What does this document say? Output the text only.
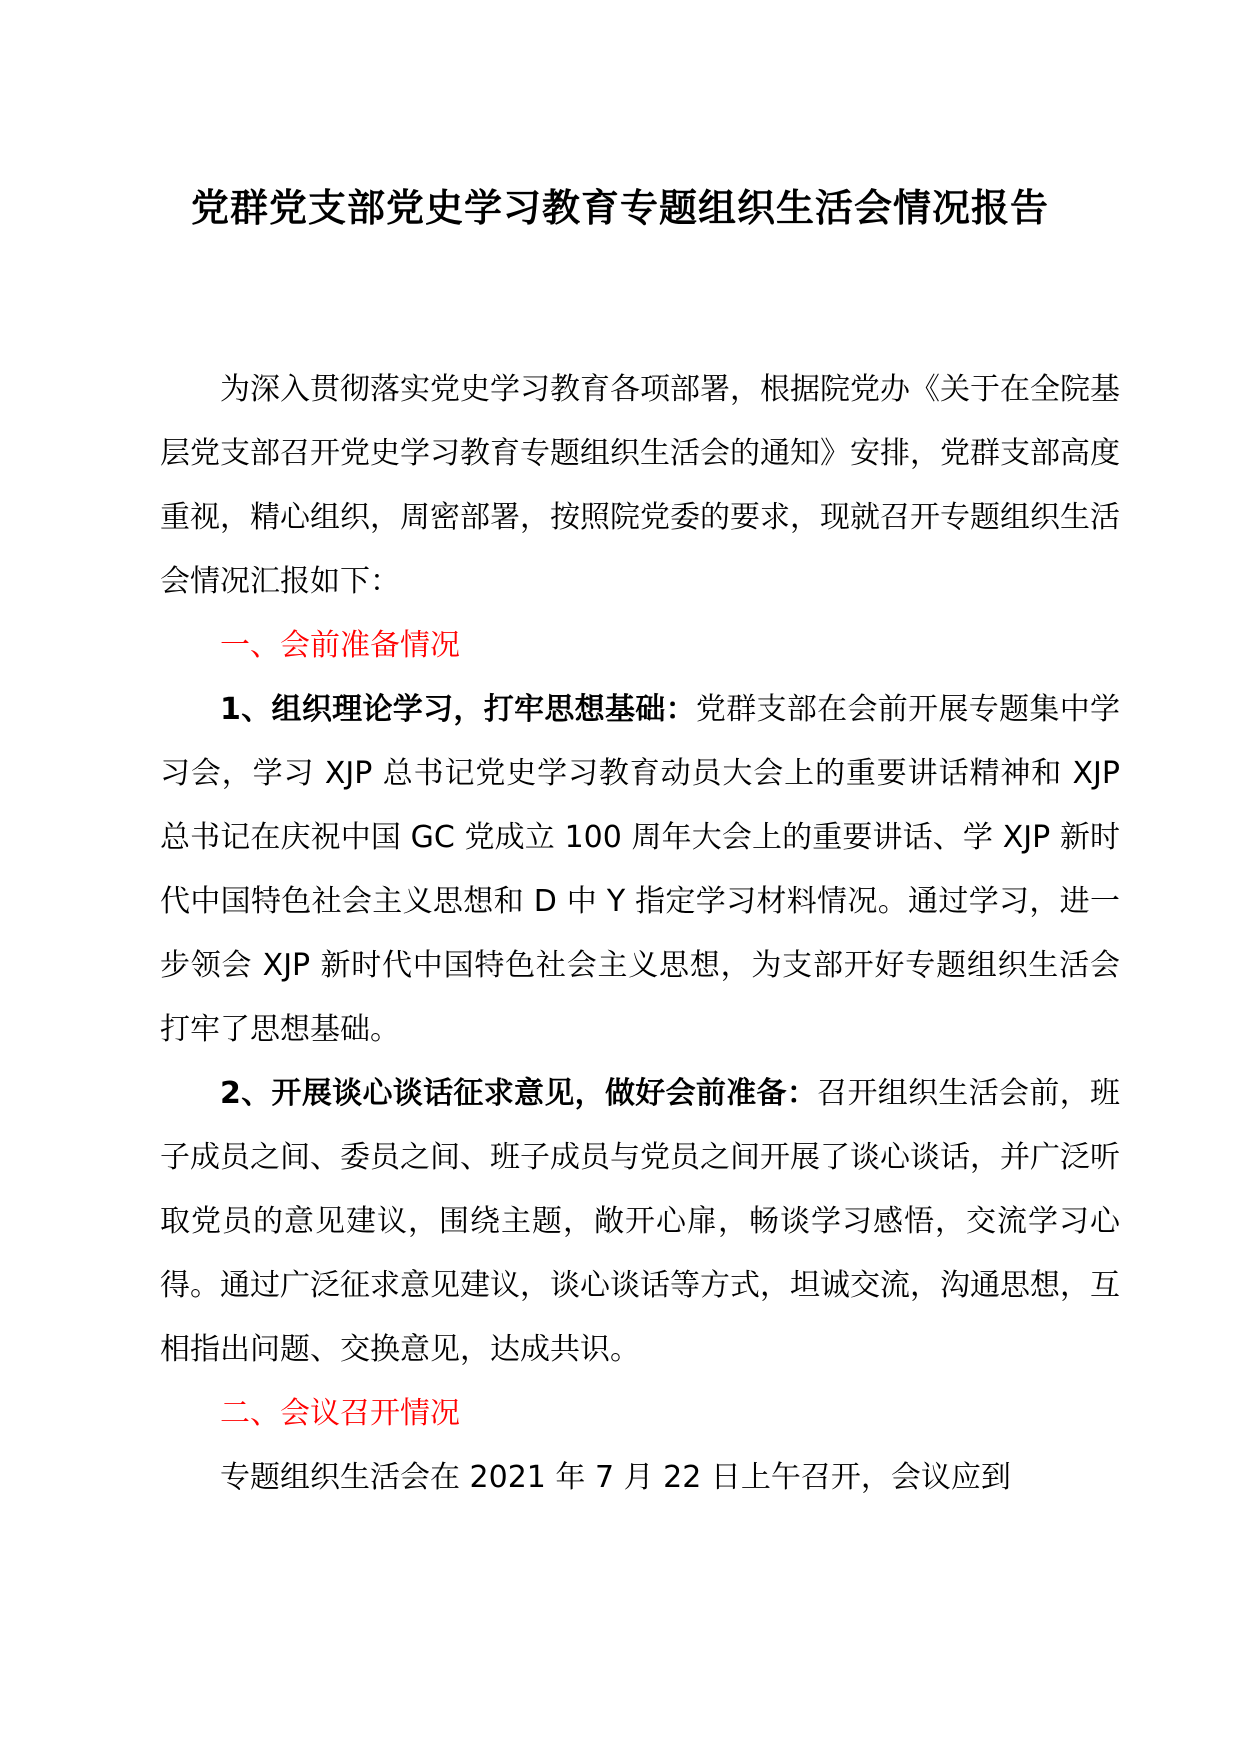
党群党支部党史学习教育专题组织生活会情况报告

为深入贯彻落实党史学习教育各项部署，根据院党办《关于在全院基层党支部召开党史学习教育专题组织生活会的通知》安排，党群支部高度重视，精心组织，周密部署，按照院党委的要求，现就召开专题组织生活会情况汇报如下：

一、会前准备情况

1、组织理论学习，打牢思想基础：党群支部在会前开展专题集中学习会，学习 XJP 总书记党史学习教育动员大会上的重要讲话精神和 XJP 总书记在庆祝中国 GC 党成立 100 周年大会上的重要讲话、学 XJP 新时代中国特色社会主义思想和 D 中 Y 指定学习材料情况。通过学习，进一步领会 XJP 新时代中国特色社会主义思想，为支部开好专题组织生活会打牢了思想基础。

2、开展谈心谈话征求意见，做好会前准备：召开组织生活会前，班子成员之间、委员之间、班子成员与党员之间开展了谈心谈话，并广泛听取党员的意见建议，围绕主题，敞开心扉，畅谈学习感悟，交流学习心得。通过广泛征求意见建议，谈心谈话等方式，坦诚交流，沟通思想，互相指出问题、交换意见，达成共识。

二、会议召开情况

专题组织生活会在 2021 年 7 月 22 日上午召开，会议应到
